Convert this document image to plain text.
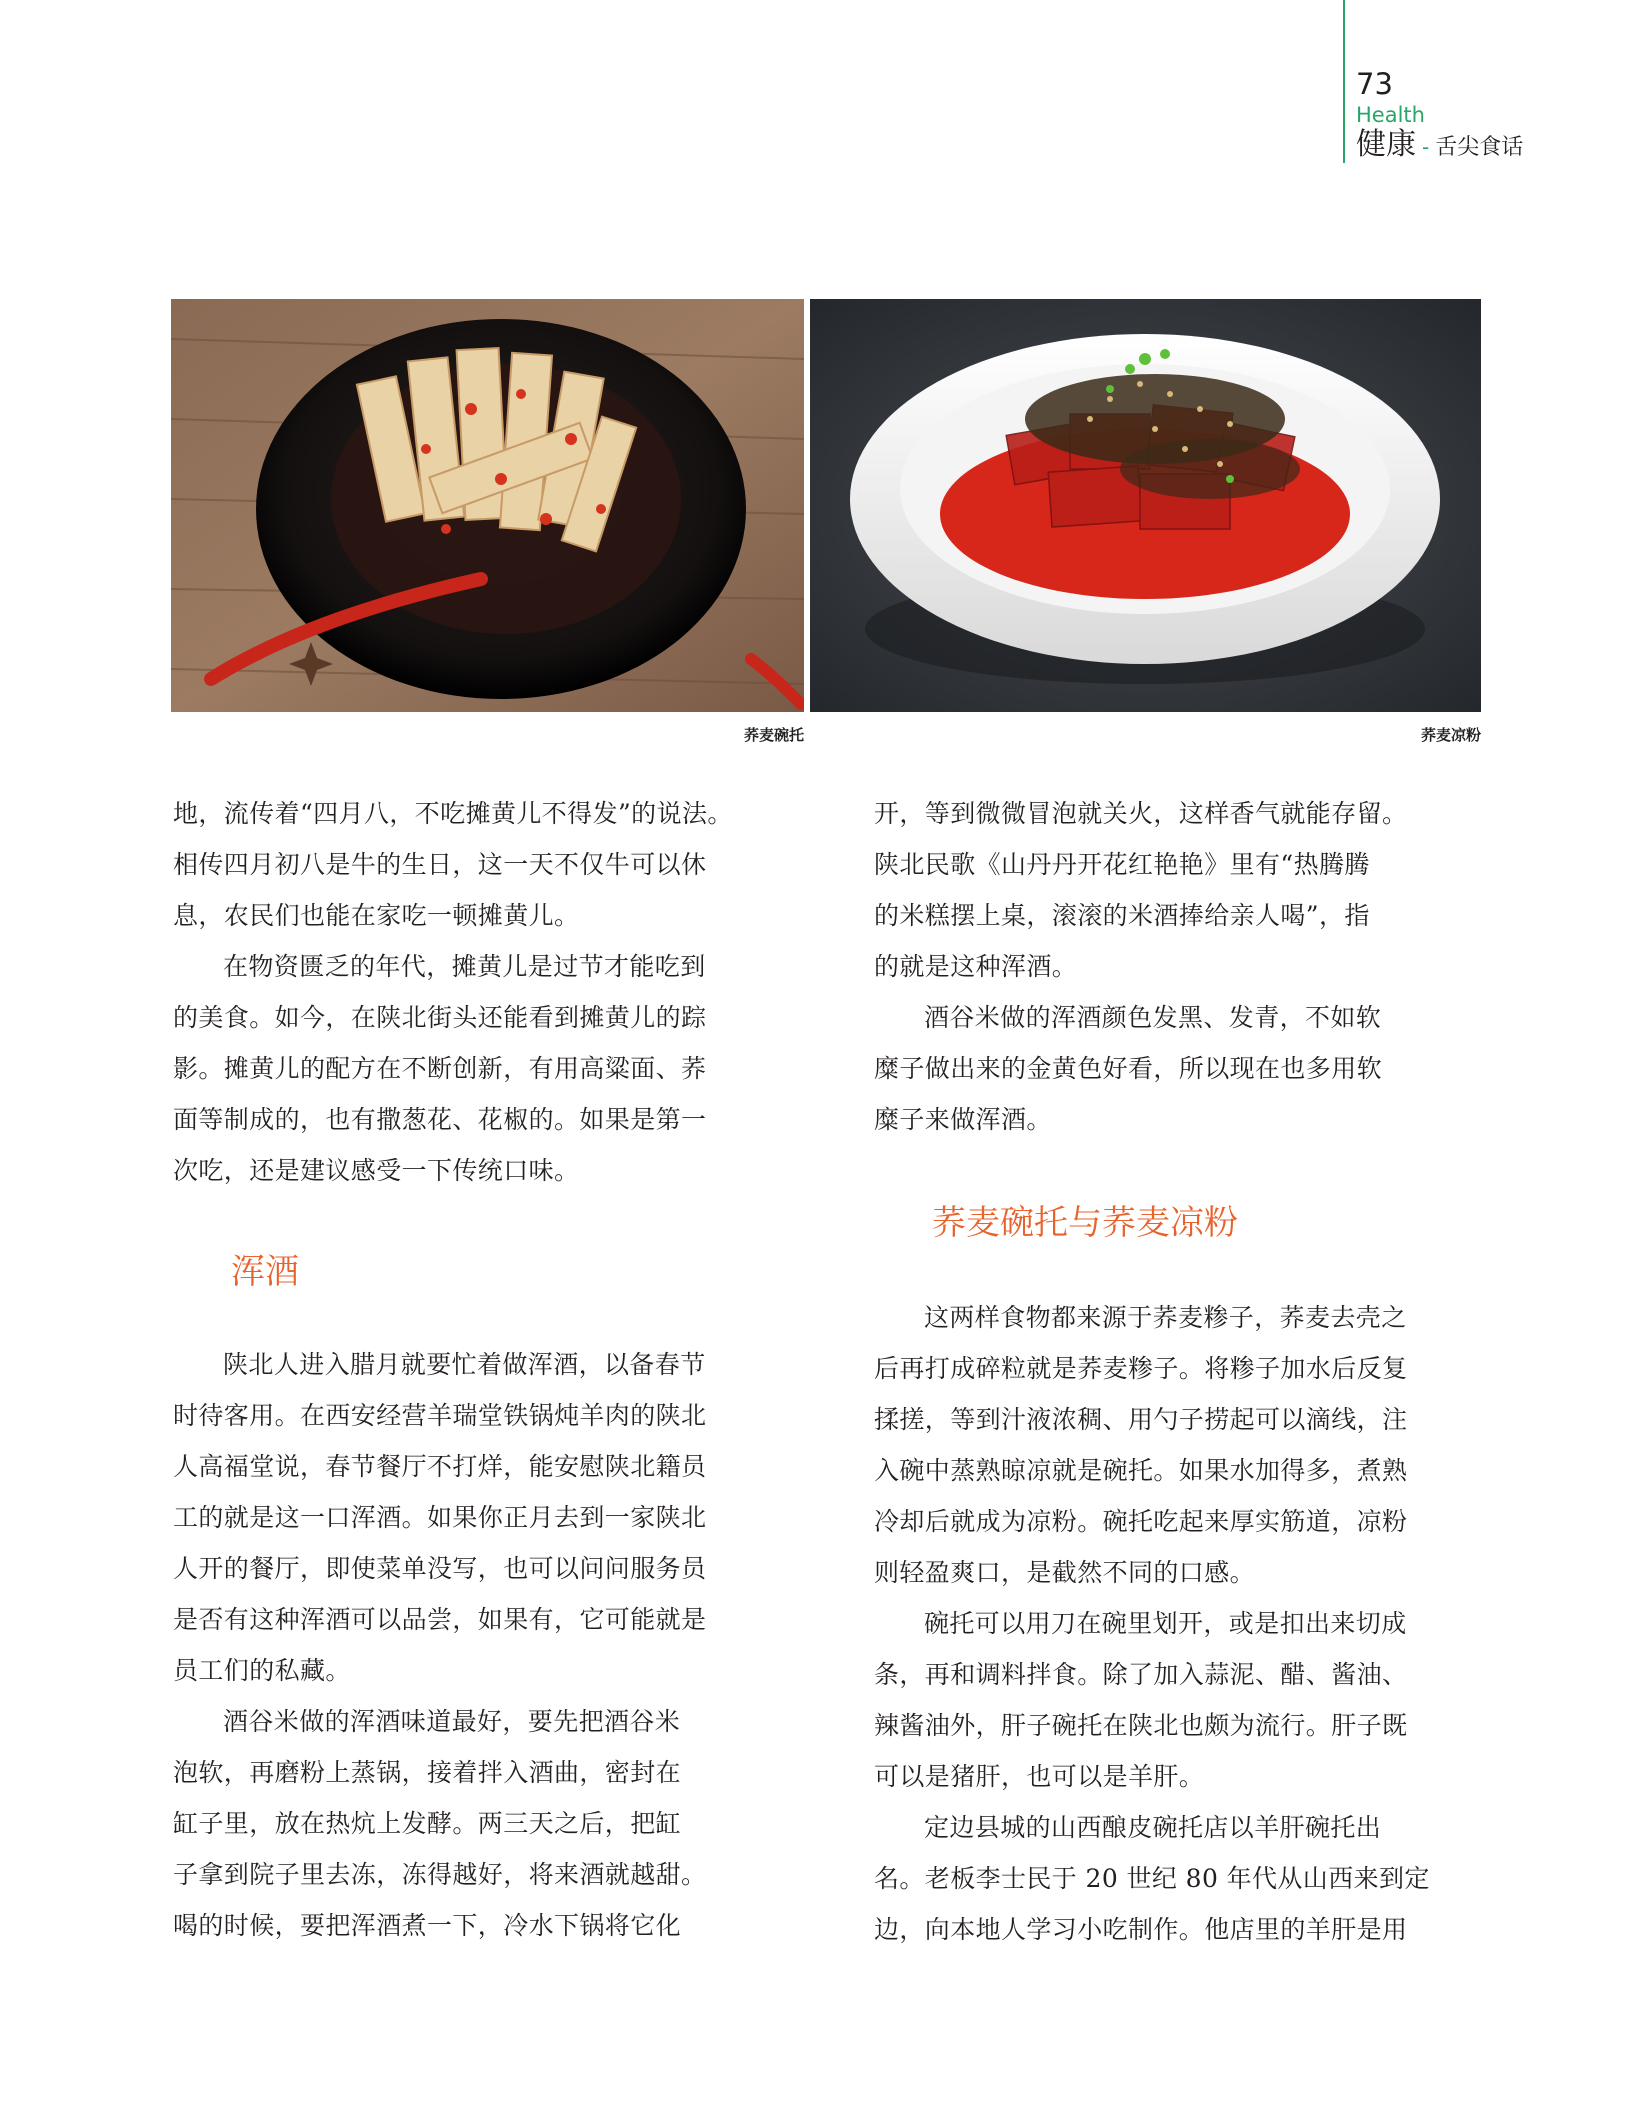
73
Health
健康 - 舌尖食话
荞麦碗托	荞麦凉粉

地，流传着“四月八，不吃摊黄儿不得发”的说法。

相传四月初八是牛的生日，这一天不仅牛可以休

息，农民们也能在家吃一顿摊黄儿。

在物资匮乏的年代，摊黄儿是过节才能吃到

的美食。如今，在陕北街头还能看到摊黄儿的踪

影。摊黄儿的配方在不断创新，有用高粱面、荞

面等制成的，也有撒葱花、花椒的。如果是第一

次吃，还是建议感受一下传统口味。

浑酒

陕北人进入腊月就要忙着做浑酒，以备春节

时待客用。在西安经营羊瑞堂铁锅炖羊肉的陕北

人高福堂说，春节餐厅不打烊，能安慰陕北籍员

工的就是这一口浑酒。如果你正月去到一家陕北

人开的餐厅，即使菜单没写，也可以问问服务员

是否有这种浑酒可以品尝，如果有，它可能就是

员工们的私藏。

酒谷米做的浑酒味道最好，要先把酒谷米

泡软，再磨粉上蒸锅，接着拌入酒曲，密封在

缸子里，放在热炕上发酵。两三天之后，把缸

子拿到院子里去冻，冻得越好，将来酒就越甜。

喝的时候，要把浑酒煮一下，冷水下锅将它化

开，等到微微冒泡就关火，这样香气就能存留。

陕北民歌《山丹丹开花红艳艳》里有“热腾腾

的米糕摆上桌，滚滚的米酒捧给亲人喝”，指

的就是这种浑酒。

酒谷米做的浑酒颜色发黑、发青，不如软

糜子做出来的金黄色好看，所以现在也多用软

糜子来做浑酒。

荞麦碗托与荞麦凉粉

这两样食物都来源于荞麦糁子，荞麦去壳之

后再打成碎粒就是荞麦糁子。将糁子加水后反复

揉搓，等到汁液浓稠、用勺子捞起可以滴线，注

入碗中蒸熟晾凉就是碗托。如果水加得多，煮熟

冷却后就成为凉粉。碗托吃起来厚实筋道，凉粉

则轻盈爽口，是截然不同的口感。

碗托可以用刀在碗里划开，或是扣出来切成

条，再和调料拌食。除了加入蒜泥、醋、酱油、

辣酱油外，肝子碗托在陕北也颇为流行。肝子既

可以是猪肝，也可以是羊肝。

定边县城的山西酿皮碗托店以羊肝碗托出

名。老板李士民于 20 世纪 80 年代从山西来到定

边，向本地人学习小吃制作。他店里的羊肝是用
